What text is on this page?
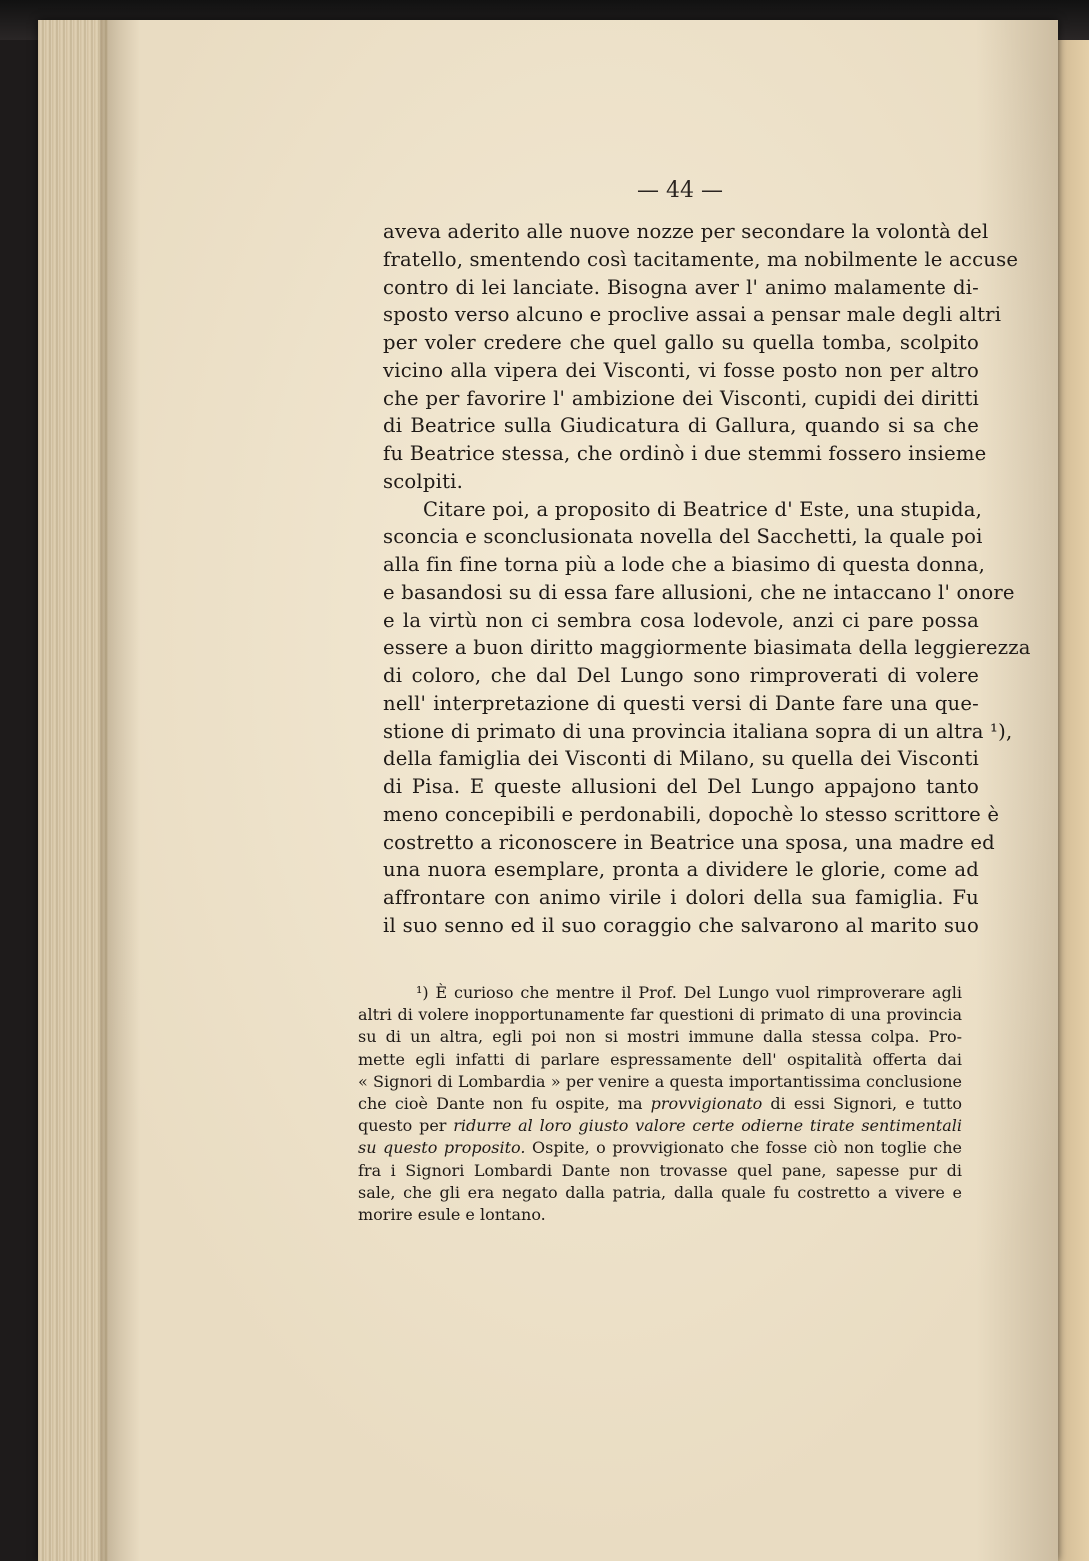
— 44 —
aveva aderito alle nuove nozze per secondare la volontà del
fratello, smentendo così tacitamente, ma nobilmente le accuse
contro di lei lanciate. Bisogna aver l' animo malamente di-
sposto verso alcuno e proclive assai a pensar male degli altri
per voler credere che quel gallo su quella tomba, scolpito
vicino alla vipera dei Visconti, vi fosse posto non per altro
che per favorire l' ambizione dei Visconti, cupidi dei diritti
di Beatrice sulla Giudicatura di Gallura, quando si sa che
fu Beatrice stessa, che ordinò i due stemmi fossero insieme
scolpiti.
Citare poi, a proposito di Beatrice d' Este, una stupida,
sconcia e sconclusionata novella del Sacchetti, la quale poi
alla fin fine torna più a lode che a biasimo di questa donna,
e basandosi su di essa fare allusioni, che ne intaccano l' onore
e la virtù non ci sembra cosa lodevole, anzi ci pare possa
essere a buon diritto maggiormente biasimata della leggierezza
di coloro, che dal Del Lungo sono rimproverati di volere
nell' interpretazione di questi versi di Dante fare una que-
stione di primato di una provincia italiana sopra di un altra ¹),
della famiglia dei Visconti di Milano, su quella dei Visconti
di Pisa. E queste allusioni del Del Lungo appajono tanto
meno concepibili e perdonabili, dopochè lo stesso scrittore è
costretto a riconoscere in Beatrice una sposa, una madre ed
una nuora esemplare, pronta a dividere le glorie, come ad
affrontare con animo virile i dolori della sua famiglia. Fu
il suo senno ed il suo coraggio che salvarono al marito suo
¹) È curioso che mentre il Prof. Del Lungo vuol rimproverare agli
altri di volere inopportunamente far questioni di primato di una provincia
su di un altra, egli poi non si mostri immune dalla stessa colpa. Pro-
mette egli infatti di parlare espressamente dell' ospitalità offerta dai
« Signori di Lombardia » per venire a questa importantissima conclusione
che cioè Dante non fu ospite, ma provvigionato di essi Signori, e tutto
questo per ridurre al loro giusto valore certe odierne tirate sentimentali
su questo proposito. Ospite, o provvigionato che fosse ciò non toglie che
fra i Signori Lombardi Dante non trovasse quel pane, sapesse pur di
sale, che gli era negato dalla patria, dalla quale fu costretto a vivere e
morire esule e lontano.
